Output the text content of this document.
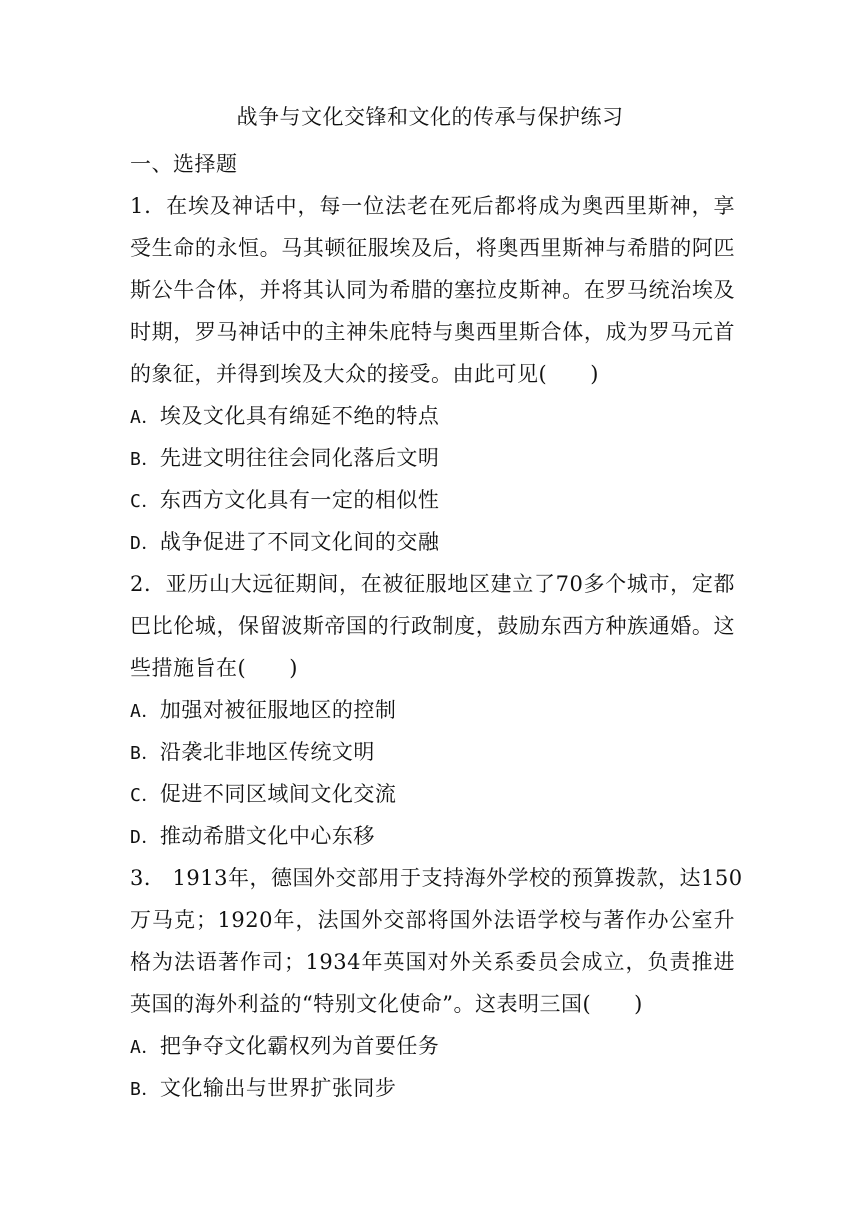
战争与文化交锋和文化的传承与保护练习
一、选择题
1．在埃及神话中，每一位法老在死后都将成为奥西里斯神，享
受生命的永恒。马其顿征服埃及后，将奥西里斯神与希腊的阿匹
斯公牛合体，并将其认同为希腊的塞拉皮斯神。在罗马统治埃及
时期，罗马神话中的主神朱庇特与奥西里斯合体，成为罗马元首
的象征，并得到埃及大众的接受。由此可见(　　)
A．埃及文化具有绵延不绝的特点
B．先进文明往往会同化落后文明
C．东西方文化具有一定的相似性
D．战争促进了不同文化间的交融
2．亚历山大远征期间，在被征服地区建立了70多个城市，定都
巴比伦城，保留波斯帝国的行政制度，鼓励东西方种族通婚。这
些措施旨在(　　)
A．加强对被征服地区的控制
B．沿袭北非地区传统文明
C．促进不同区域间文化交流
D．推动希腊文化中心东移
3． 1913年，德国外交部用于支持海外学校的预算拨款，达150
万马克；1920年，法国外交部将国外法语学校与著作办公室升
格为法语著作司；1934年英国对外关系委员会成立，负责推进
英国的海外利益的“特别文化使命”。这表明三国(　　)
A．把争夺文化霸权列为首要任务
B．文化输出与世界扩张同步
